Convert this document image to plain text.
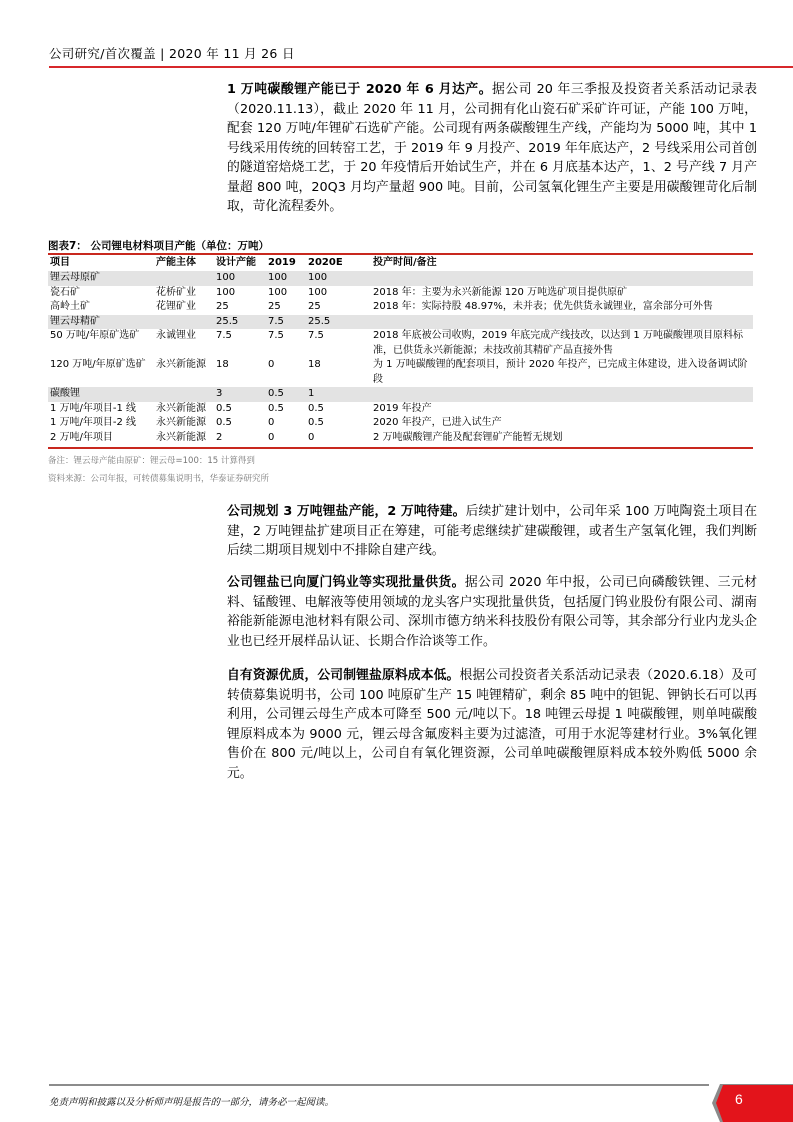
公司研究/首次覆盖 | 2020 年 11 月 26 日
1 万吨碳酸锂产能已于 2020 年 6 月达产。据公司 20 年三季报及投资者关系活动记录表（2020.11.13），截止 2020 年 11 月，公司拥有化山瓷石矿采矿许可证，产能 100 万吨，配套 120 万吨/年锂矿石选矿产能。公司现有两条碳酸锂生产线，产能均为 5000 吨，其中 1 号线采用传统的回转窑工艺，于 2019 年 9 月投产、2019 年年底达产，2 号线采用公司首创的隧道窑焙烧工艺，于 20 年疫情后开始试生产，并在 6 月底基本达产，1、2 号产线 7 月产量超 800 吨，20Q3 月均产量超 900 吨。目前，公司氢氧化锂生产主要是用碳酸锂苛化后制取，苛化流程委外。
图表7： 公司锂电材料项目产能（单位：万吨）
项目	产能主体	设计产能	2019	2020E	投产时间/备注
锂云母原矿		100	100	100	
瓷石矿	花桥矿业	100	100	100	2018 年：主要为永兴新能源 120 万吨选矿项目提供原矿
高岭土矿	花锂矿业	25	25	25	2018 年：实际持股 48.97%，未并表；优先供货永诚锂业，富余部分可外售
锂云母精矿		25.5	7.5	25.5	
50 万吨/年原矿选矿	永诚锂业	7.5	7.5	7.5	2018 年底被公司收购，2019 年底完成产线技改，以达到 1 万吨碳酸锂项目原料标准，已供货永兴新能源；未技改前其精矿产品直接外售
120 万吨/年原矿选矿	永兴新能源	18	0	18	为 1 万吨碳酸锂的配套项目，预计 2020 年投产，已完成主体建设，进入设备调试阶段
碳酸锂		3	0.5	1	
1 万吨/年项目-1 线	永兴新能源	0.5	0.5	0.5	2019 年投产
1 万吨/年项目-2 线	永兴新能源	0.5	0	0.5	2020 年投产，已进入试生产
2 万吨/年项目	永兴新能源	2	0	0	2 万吨碳酸锂产能及配套锂矿产能暂无规划
备注：锂云母产能由原矿：锂云母=100：15 计算得到
资料来源：公司年报，可转债募集说明书，华泰证券研究所
公司规划 3 万吨锂盐产能，2 万吨待建。后续扩建计划中，公司年采 100 万吨陶瓷土项目在建，2 万吨锂盐扩建项目正在筹建，可能考虑继续扩建碳酸锂，或者生产氢氧化锂，我们判断后续二期项目规划中不排除自建产线。
公司锂盐已向厦门钨业等实现批量供货。据公司 2020 年中报，公司已向磷酸铁锂、三元材料、锰酸锂、电解液等使用领域的龙头客户实现批量供货，包括厦门钨业股份有限公司、湖南裕能新能源电池材料有限公司、深圳市德方纳米科技股份有限公司等，其余部分行业内龙头企业也已经开展样品认证、长期合作洽谈等工作。
自有资源优质，公司制锂盐原料成本低。根据公司投资者关系活动记录表（2020.6.18）及可转债募集说明书，公司 100 吨原矿生产 15 吨锂精矿，剩余 85 吨中的钽铌、钾钠长石可以再利用，公司锂云母生产成本可降至 500 元/吨以下。18 吨锂云母提 1 吨碳酸锂，则单吨碳酸锂原料成本为 9000 元，锂云母含氟废料主要为过滤渣，可用于水泥等建材行业。3%氧化锂售价在 800 元/吨以上，公司自有氧化锂资源，公司单吨碳酸锂原料成本较外购低 5000 余元。
免责声明和披露以及分析师声明是报告的一部分，请务必一起阅读。	6
